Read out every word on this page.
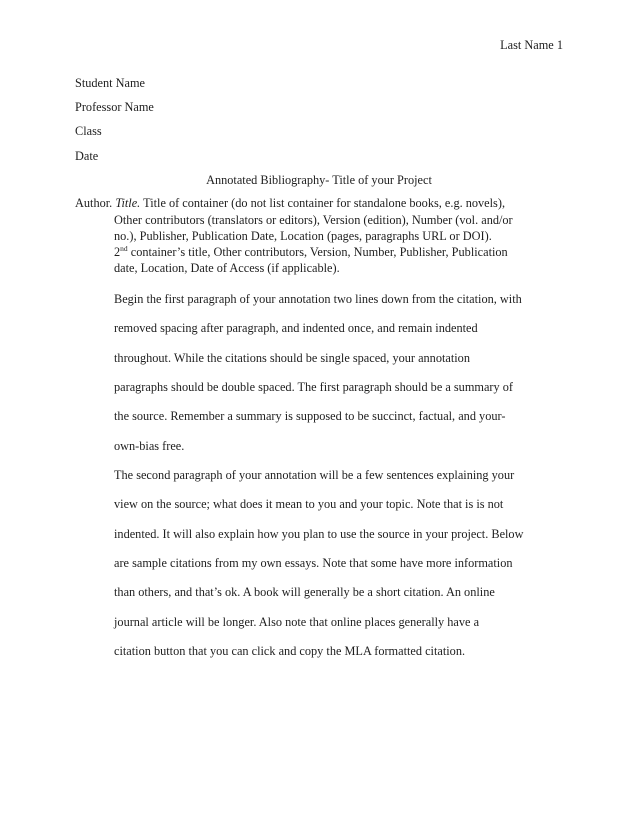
Last Name 1
Student Name
Professor Name
Class
Date
Annotated Bibliography- Title of your Project
Author. Title. Title of container (do not list container for standalone books, e.g. novels),
Other contributors (translators or editors), Version (edition), Number (vol. and/or
no.), Publisher, Publication Date, Location (pages, paragraphs URL or DOI).
2nd container’s title, Other contributors, Version, Number, Publisher, Publication
date, Location, Date of Access (if applicable).
Begin the first paragraph of your annotation two lines down from the citation, with
removed spacing after paragraph, and indented once, and remain indented
throughout. While the citations should be single spaced, your annotation
paragraphs should be double spaced. The first paragraph should be a summary of
the source. Remember a summary is supposed to be succinct, factual, and your-
own-bias free.
The second paragraph of your annotation will be a few sentences explaining your
view on the source; what does it mean to you and your topic. Note that is is not
indented. It will also explain how you plan to use the source in your project. Below
are sample citations from my own essays. Note that some have more information
than others, and that’s ok. A book will generally be a short citation. An online
journal article will be longer. Also note that online places generally have a
citation button that you can click and copy the MLA formatted citation.
